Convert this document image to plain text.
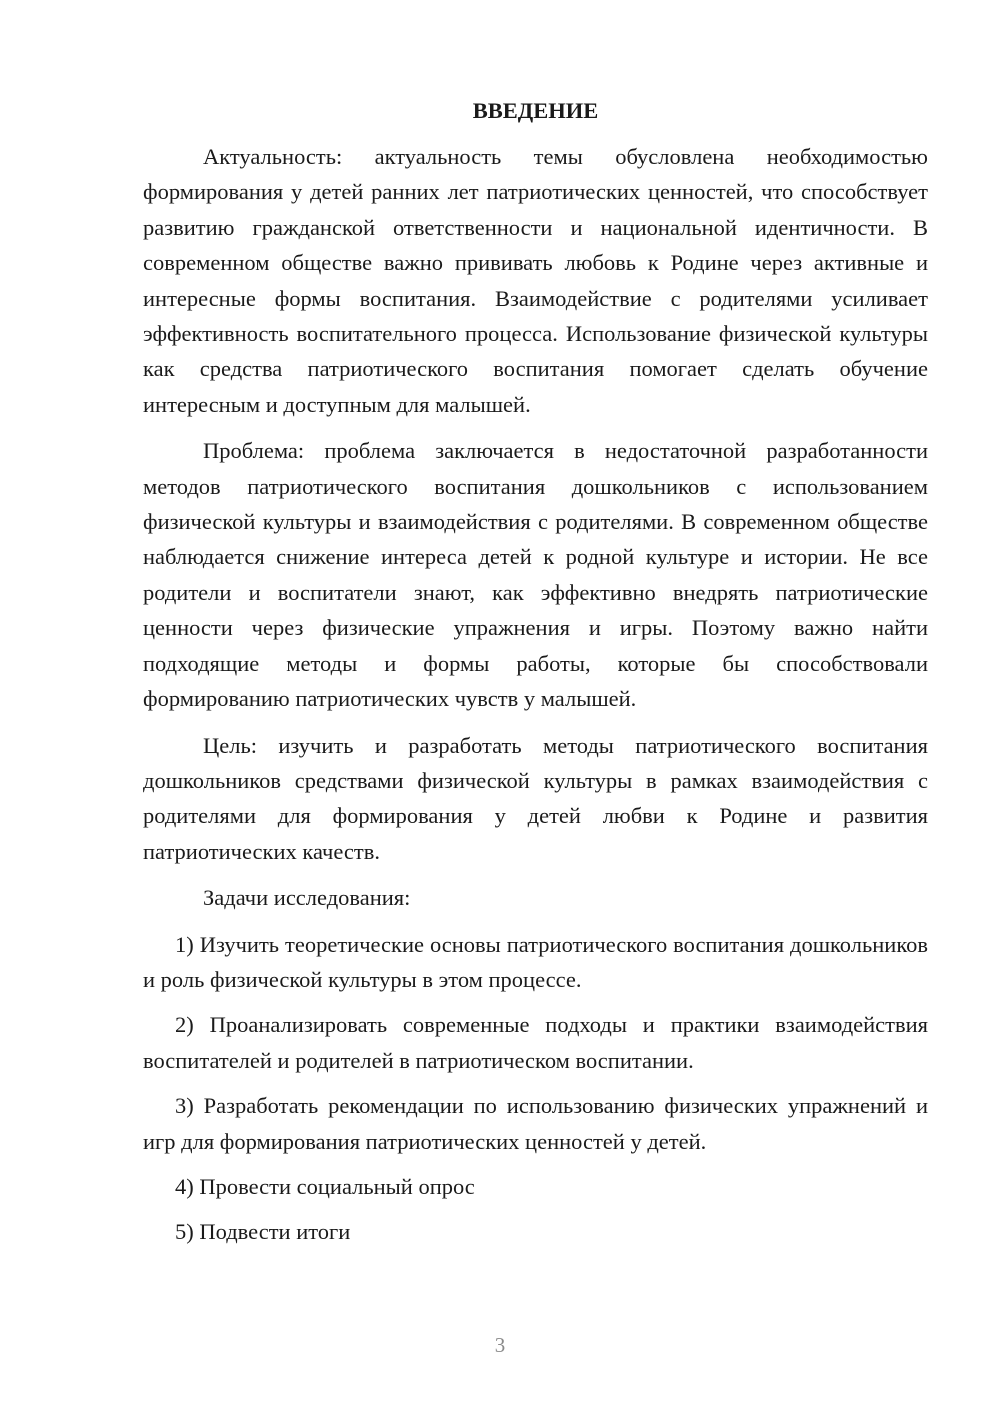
ВВЕДЕНИЕ

Актуальность: актуальность темы обусловлена необходимостью формирования у детей ранних лет патриотических ценностей, что способствует развитию гражданской ответственности и национальной идентичности. В современном обществе важно прививать любовь к Родине через активные и интересные формы воспитания. Взаимодействие с родителями усиливает эффективность воспитательного процесса. Использование физической культуры как средства патриотического воспитания помогает сделать обучение интересным и доступным для малышей.

Проблема: проблема заключается в недостаточной разработанности методов патриотического воспитания дошкольников с использованием физической культуры и взаимодействия с родителями. В современном обществе наблюдается снижение интереса детей к родной культуре и истории. Не все родители и воспитатели знают, как эффективно внедрять патриотические ценности через физические упражнения и игры. Поэтому важно найти подходящие методы и формы работы, которые бы способствовали формированию патриотических чувств у малышей.

Цель: изучить и разработать методы патриотического воспитания дошкольников средствами физической культуры в рамках взаимодействия с родителями для формирования у детей любви к Родине и развития патриотических качеств.

Задачи исследования:

1) Изучить теоретические основы патриотического воспитания дошкольников и роль физической культуры в этом процессе.

2) Проанализировать современные подходы и практики взаимодействия воспитателей и родителей в патриотическом воспитании.

3) Разработать рекомендации по использованию физических упражнений и игр для формирования патриотических ценностей у детей.

4) Провести социальный опрос

5) Подвести итоги

3
